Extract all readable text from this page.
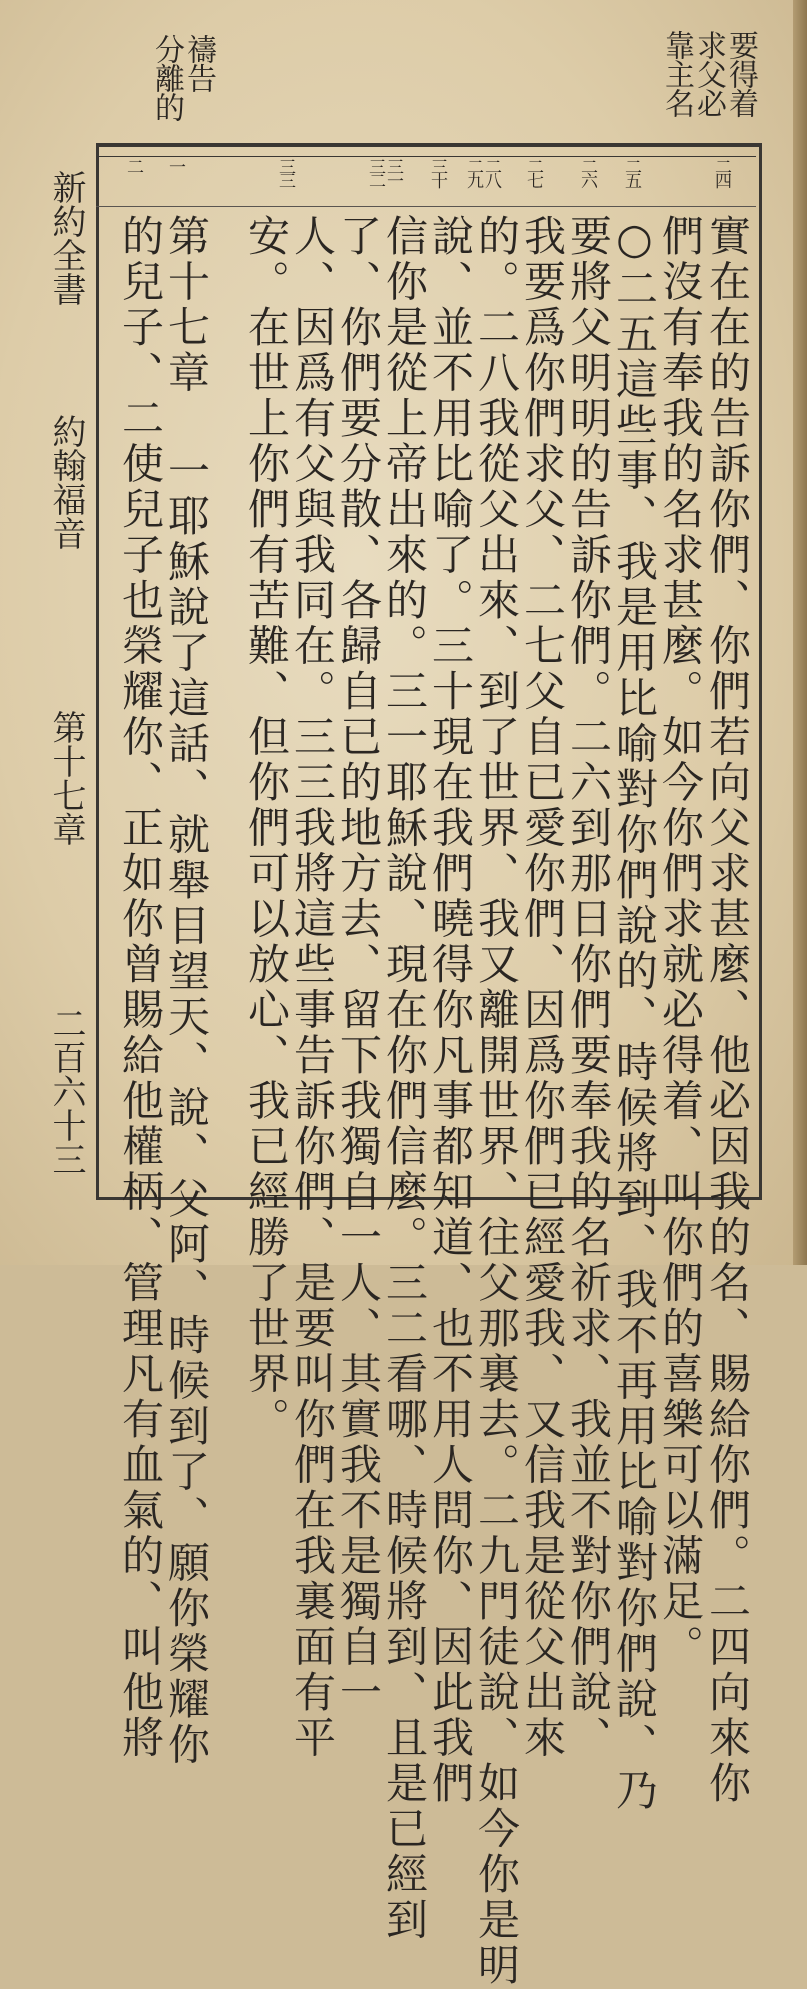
禱告
分離的	要得着
求父必
靠主名
二四
二五
二六
二七
二八
二九
三十
三一
三二
三三
一
二
實在在的告訴你們、你們若向父求甚麼、他必因我的名、賜給你們。二四向來你
們沒有奉我的名求甚麼。如今你們求就必得着、叫你們的喜樂可以滿足。
○二五這些事、我是用比喻對你們說的、時候將到、我不再用比喻對你們說、乃
要將父明明的告訴你們。二六到那日你們要奉我的名祈求、我並不對你們說、
我要爲你們求父、二七父自已愛你們、因爲你們已經愛我、又信我是從父出來
的。二八我從父出來、到了世界、我又離開世界、往父那裏去。二九門徒說、如今你是明
說、並不用比喻了。三十現在我們曉得你凡事都知道、也不用人問你、因此我們
信你是從上帝出來的。三一耶穌說、現在你們信麼。三二看哪、時候將到、且是已經到
了、你們要分散、各歸自已的地方去、留下我獨自一人、其實我不是獨自一
人、因爲有父與我同在。三三我將這些事告訴你們、是要叫你們在我裏面有平
安。在世上你們有苦難、但你們可以放心、我已經勝了世界。
第十七章 一耶穌說了這話、就舉目望天、說、父阿、時候到了、願你榮耀你
的兒子、二使兒子也榮耀你、正如你曾賜給他權柄、管理凡有血氣的、叫他將
新約全書 約翰福音 第十七章 二百六十三
